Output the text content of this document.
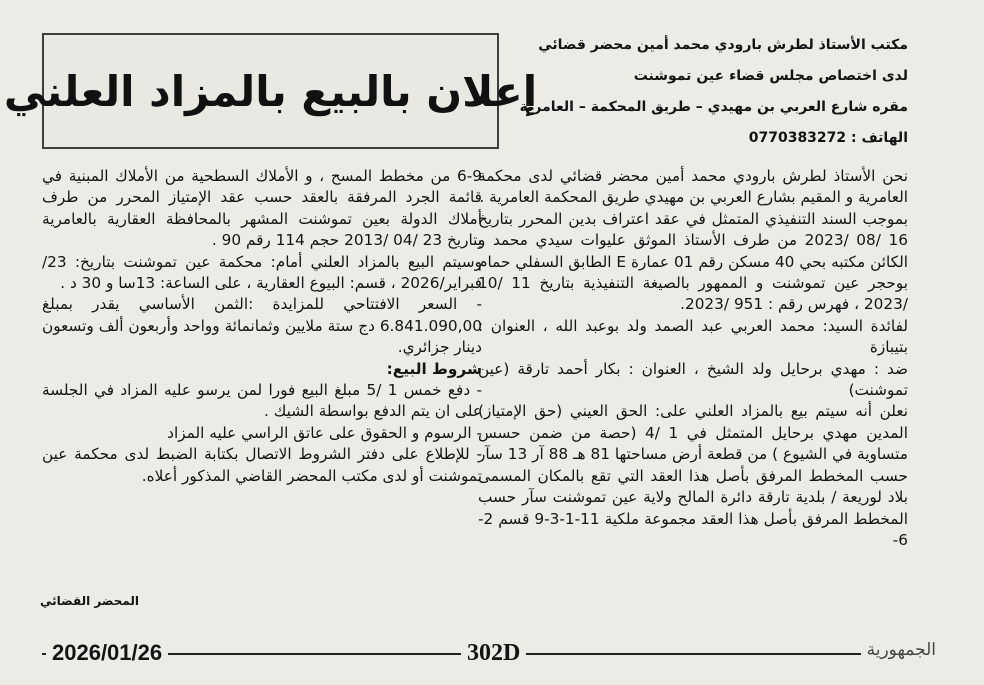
مكتب الأستاذ لطرش بارودي محمد أمين محضر قضائي
لدى اختصاص مجلس قضاء عين تموشنت
مقره شارع العربي بن مهيدي – طريق المحكمة – العامرية
الهاتف : 0770383272
إعلان بالبيع بالمزاد العلني

نحن الأستاذ لطرش بارودي محمد أمين محضر قضائي لدى محكمة العامرية و المقيم بشارع العربي بن مهيدي طريق المحكمة العامرية .

بموجب السند التنفيذي المتمثل في عقد اعتراف بدين المحرر بتاريخ 16 /08 /2023 من طرف الأستاذ الموثق عليوات سيدي محمد و الكائن مكتبه بحي 40 مسكن رقم 01 عمارة E الطابق السفلي حمام بوحجر عين تموشنت و الممهور بالصيغة التنفيذية بتاريخ 11 /10 /2023 ، فهرس رقم : 951 /2023.

لفائدة السيد: محمد العربي عبد الصمد ولد بوعبد الله ، العنوان : بتيبازة

ضد : مهدي برحايل ولد الشيخ ، العنوان : بكار أحمد تارقة (عين تموشنت)

نعلن أنه سيتم بيع بالمزاد العلني على: الحق العيني (حق الإمتياز) المدين مهدي برحايل المتمثل في 1 /4 (حصة من ضمن حسس متساوية في الشيوع ) من قطعة أرض مساحتها 81 هـ 88 آر 13 سآر حسب المخطط المرفق بأصل هذا العقد التي تقع بالمكان المسمى بلاد لوريعة / بلدية تارقة دائرة المالح ولاية عين تموشنت سآر حسب المخطط المرفق بأصل هذا العقد مجموعة ملكية 11-1-3-9 قسم 2-6-

6-9 من مخطط المسح ، و الأملاك السطحية من الأملاك المبنية في قائمة الجرد المرفقة بالعقد حسب عقد الإمتياز المحرر من طرف أملاك الدولة بعين تموشنت المشهر بالمحافظة العقارية بالعامرية بتاريخ 23 /04 /2013 حجم 114 رقم 90 .

وسيتم البيع بالمزاد العلني أمام: محكمة عين تموشنت بتاريخ: 23/فبراير/2026 ، قسم: البيوع العقارية ، على الساعة: 13سا و 30 د .

- السعر الافتتاحي للمزايدة :الثمن الأساسي يقدر بمبلغ 6.841.090,00 دج ستة ملايين وثمانمائة وواحد وأربعون ألف وتسعون دينار جزائري.

شروط البيع:

- دفع خمس 1 /5 مبلغ البيع فورا لمن يرسو عليه المزاد في الجلسة على ان يتم الدفع بواسطة الشيك .

- الرسوم و الحقوق على عاتق الراسي عليه المزاد

- للإطلاع على دفتر الشروط الاتصال بكتابة الضبط لدى محكمة عين تموشنت أو لدى مكتب المحضر القاضي المذكور أعلاه.

المحضر القضائي
2026/01/26	302D	الجمهورية
